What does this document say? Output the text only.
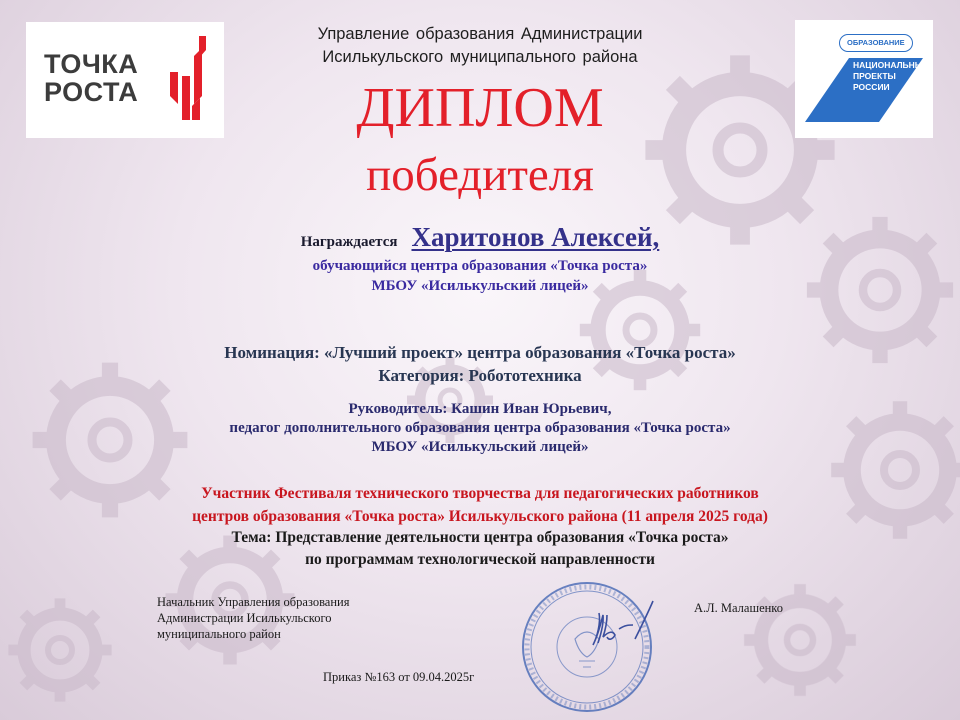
ТОЧКА
РОСТА
ОБРАЗОВАНИЕ
НАЦИОНАЛЬНЫЕ
ПРОЕКТЫ
РОССИИ
Управление образования Администрации
Исилькульского муниципального района
ДИПЛОМ
победителя
Награждается Харитонов Алексей,
обучающийся центра образования «Точка роста»
МБОУ «Исилькульский лицей»
Номинация: «Лучший проект» центра образования «Точка роста»
Категория: Робототехника
Руководитель: Кашин Иван Юрьевич,
педагог дополнительного образования центра образования «Точка роста»
МБОУ «Исилькульский лицей»
Участник Фестиваля технического творчества для педагогических работников
центров образования «Точка роста» Исилькульского района (11 апреля 2025 года)
Тема: Представление деятельности центра образования «Точка роста»
по программам технологической направленности
Начальник Управления образования Администрации Исилькульского муниципального район
А.Л. Малашенко
Приказ №163 от 09.04.2025г
